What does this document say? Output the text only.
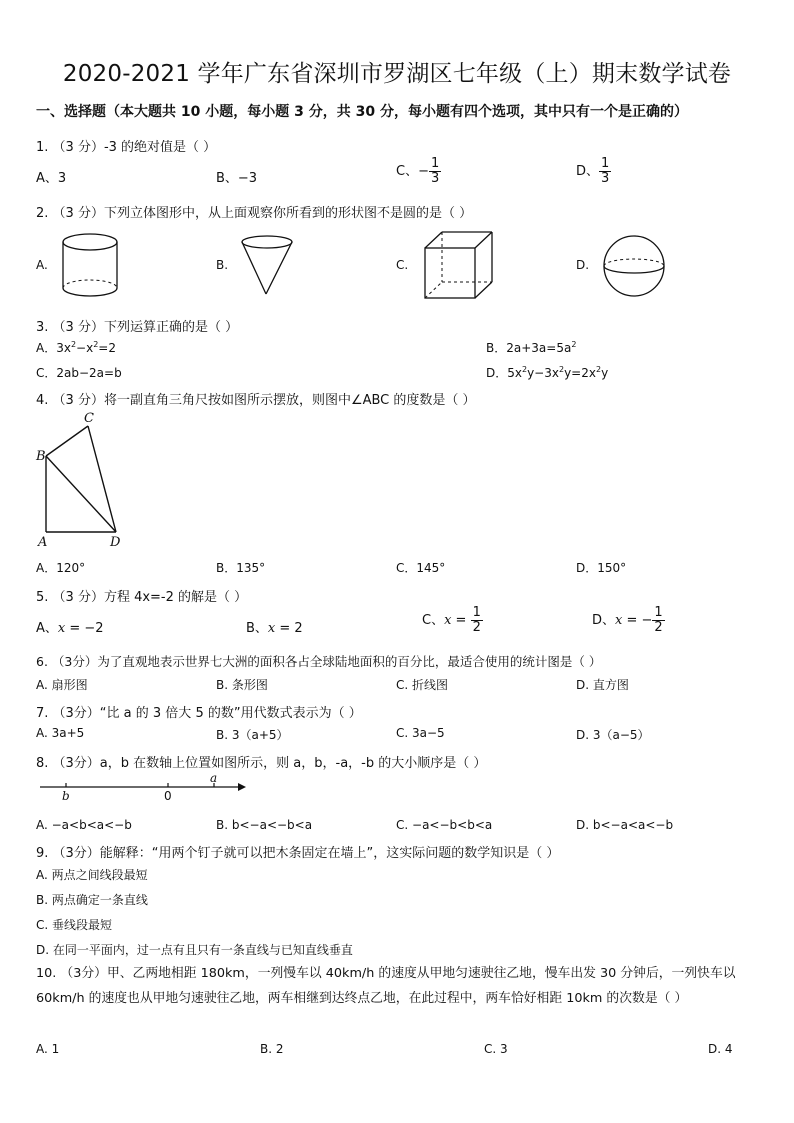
2020-2021 学年广东省深圳市罗湖区七年级（上）期末数学试卷
一、选择题（本大题共 10 小题，每小题 3 分，共 30 分，每小题有四个选项，其中只有一个是正确的）
1. （3 分）-3 的绝对值是（ ）
A、3	B、−3	C、− $\frac{1}{3}$	D、 $\frac{1}{3}$
2. （3 分）下列立体图形中，从上面观察你所看到的形状图不是圆的是（ ）
A.	B.	C.	D.
3. （3 分）下列运算正确的是（ ）
A．$3x^2-x^2=2$	B．$2a+3a=5a^2$
C．2ab−2a=b	D．$5x^2y-3x^2y=2x^2y$
4. （3 分）将一副直角三角尺按如图所示摆放，则图中∠ABC 的度数是（ ）
C
B
A	D
A．120°	B．135°	C．145°	D．150°
5. （3 分）方程 4x=-2 的解是（ ）
A、x = −2	B、x = 2
C、$x = \frac{1}{2}$	D、x = − $\frac{1}{2}$
6. （3分）为了直观地表示世界七大洲的面积各占全球陆地面积的百分比，最适合使用的统计图是（ ）
A. 扇形图	B. 条形图	C. 折线图	D. 直方图
7. （3分）“比 a 的 3 倍大 5 的数”用代数式表示为（ ）
A. 3a+5	B. 3（a+5）	C. 3a−5	D. 3（a−5）
8. （3分）a，b 在数轴上位置如图所示，则 a，b，-a，-b 的大小顺序是（ ）
b	0
a
A. −a<b<a<−b	B. b<−a<−b<a	C. −a<−b<b<a	D. b<−a<a<−b
9. （3分）能解释：“用两个钉子就可以把木条固定在墙上”，这实际问题的数学知识是（ ）
A. 两点之间线段最短
B. 两点确定一条直线
C. 垂线段最短
D. 在同一平面内，过一点有且只有一条直线与已知直线垂直
10. （3分）甲、乙两地相距 180km，一列慢车以 40km/h 的速度从甲地匀速驶往乙地，慢车出发 30 分钟后，一列快车以 60km/h 的速度也从甲地匀速驶往乙地，两车相继到达终点乙地，在此过程中，两车恰好相距 10km 的次数是（ ）
A. 1	B. 2	C. 3	D. 4
